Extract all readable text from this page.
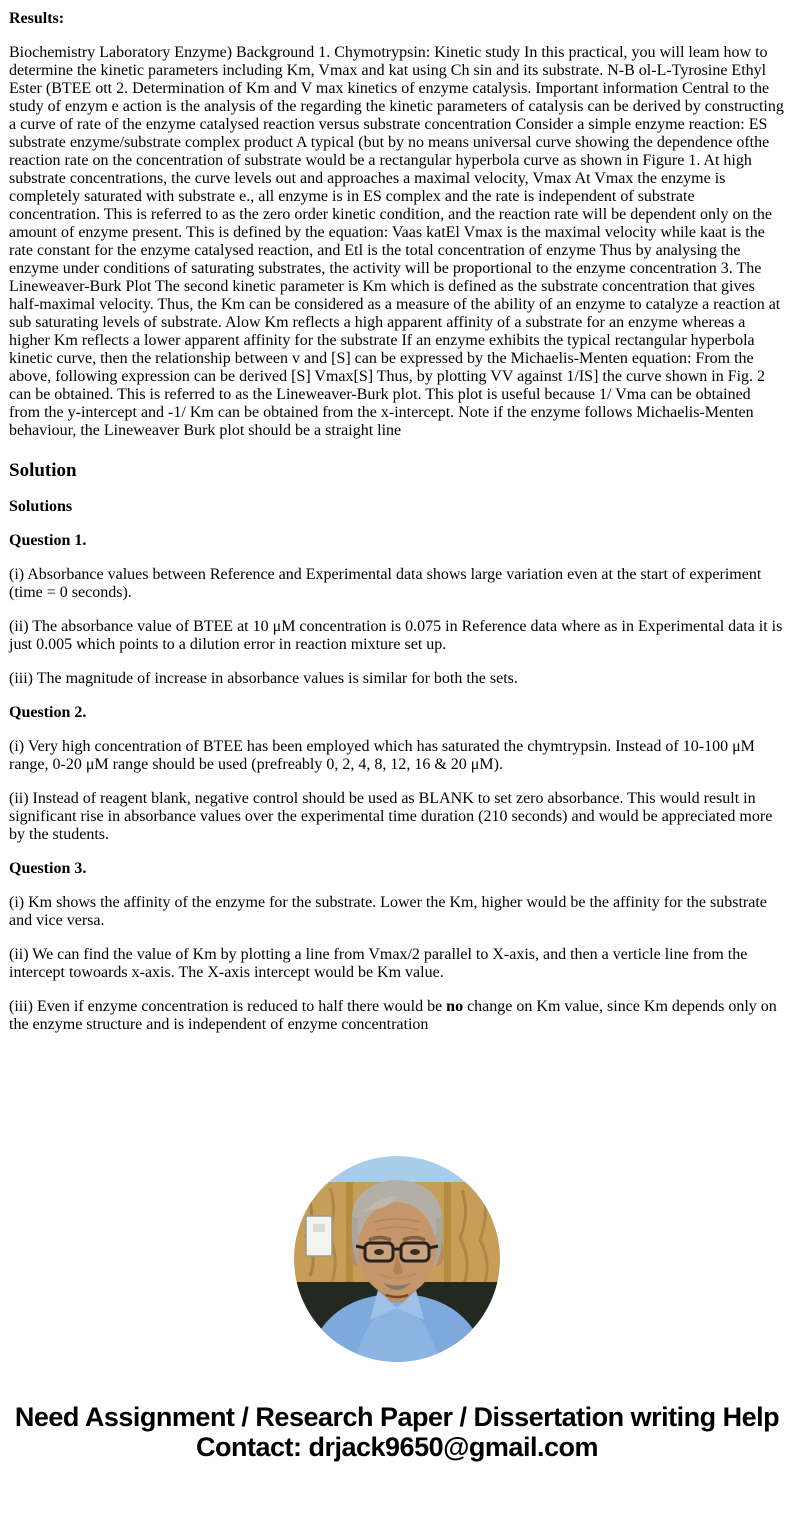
Results:

Biochemistry Laboratory Enzyme) Background 1. Chymotrypsin: Kinetic study In this practical, you will leam how to determine the kinetic parameters including Km, Vmax and kat using Ch sin and its substrate. N-B ol-L-Tyrosine Ethyl Ester (BTEE ott 2. Determination of Km and V max kinetics of enzyme catalysis. Important information Central to the study of enzym e action is the analysis of the regarding the kinetic parameters of catalysis can be derived by constructing a curve of rate of the enzyme catalysed reaction versus substrate concentration Consider a simple enzyme reaction: ES substrate enzyme/substrate complex product A typical (but by no means universal curve showing the dependence ofthe reaction rate on the concentration of substrate would be a rectangular hyperbola curve as shown in Figure 1. At high substrate concentrations, the curve levels out and approaches a maximal velocity, Vmax At Vmax the enzyme is completely saturated with substrate e., all enzyme is in ES complex and the rate is independent of substrate concentration. This is referred to as the zero order kinetic condition, and the reaction rate will be dependent only on the amount of enzyme present. This is defined by the equation: Vaas katEl Vmax is the maximal velocity while kaat is the rate constant for the enzyme catalysed reaction, and Etl is the total concentration of enzyme Thus by analysing the enzyme under conditions of saturating substrates, the activity will be proportional to the enzyme concentration 3. The Lineweaver-Burk Plot The second kinetic parameter is Km which is defined as the substrate concentration that gives half-maximal velocity. Thus, the Km can be considered as a measure of the ability of an enzyme to catalyze a reaction at sub saturating levels of substrate. Alow Km reflects a high apparent affinity of a substrate for an enzyme whereas a higher Km reflects a lower apparent affinity for the substrate If an enzyme exhibits the typical rectangular hyperbola kinetic curve, then the relationship between v and [S] can be expressed by the Michaelis-Menten equation: From the above, following expression can be derived [S] Vmax[S] Thus, by plotting VV against 1/IS] the curve shown in Fig. 2 can be obtained. This is referred to as the Lineweaver-Burk plot. This plot is useful because 1/ Vma can be obtained from the y-intercept and -1/ Km can be obtained from the x-intercept. Note if the enzyme follows Michaelis-Menten behaviour, the Lineweaver Burk plot should be a straight line

Solution

Solutions

Question 1.

(i) Absorbance values between Reference and Experimental data shows large variation even at the start of experiment (time = 0 seconds).

(ii) The absorbance value of BTEE at 10 μM concentration is 0.075 in Reference data where as in Experimental data it is just 0.005 which points to a dilution error in reaction mixture set up.

(iii) The magnitude of increase in absorbance values is similar for both the sets.

Question 2.

(i) Very high concentration of BTEE has been employed which has saturated the chymtrypsin. Instead of 10-100 μM range, 0-20 μM range should be used (prefreably 0, 2, 4, 8, 12, 16 & 20 μM).

(ii) Instead of reagent blank, negative control should be used as BLANK to set zero absorbance. This would result in significant rise in absorbance values over the experimental time duration (210 seconds) and would be appreciated more by the students.

Question 3.

(i) Km shows the affinity of the enzyme for the substrate. Lower the Km, higher would be the affinity for the substrate and vice versa.

(ii) We can find the value of Km by plotting a line from Vmax/2 parallel to X-axis, and then a verticle line from the intercept towoards x-axis. The X-axis intercept would be Km value.

(iii) Even if enzyme concentration is reduced to half there would be no change on Km value, since Km depends only on the enzyme structure and is independent of enzyme concentration

Need Assignment / Research Paper / Dissertation writing Help
Contact: drjack9650@gmail.com
